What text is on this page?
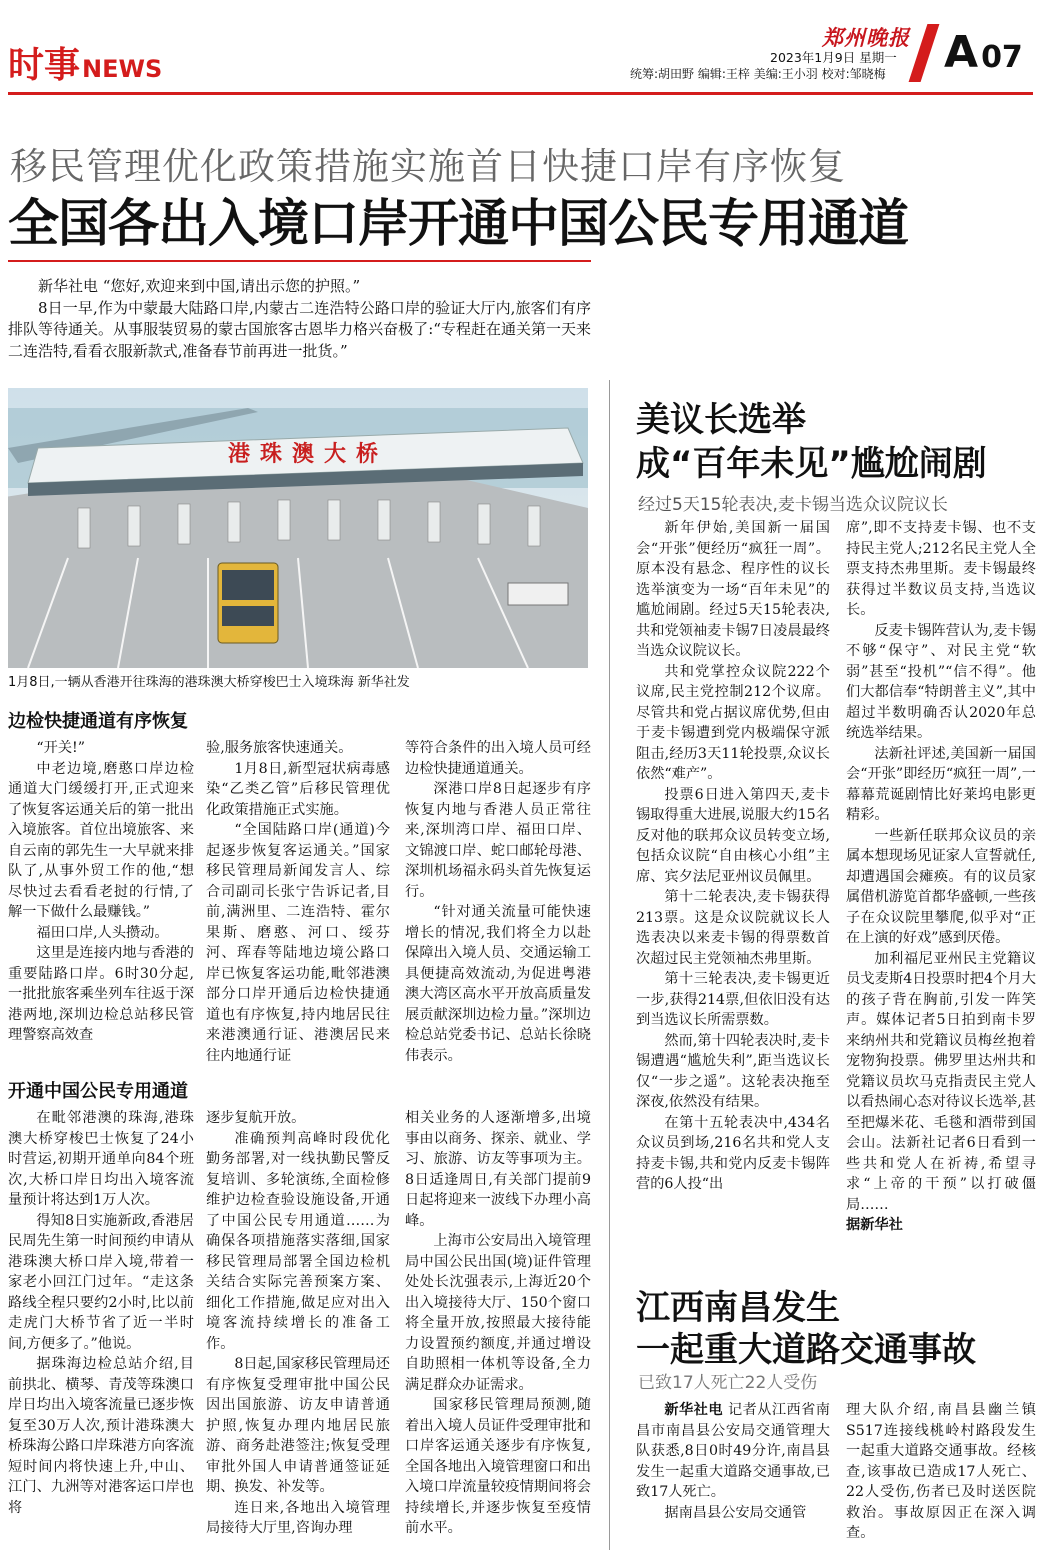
时事NEWS
郑州晚报
2023年1月9日 星期一
统筹:胡田野 编辑:王梓 美编:王小羽 校对:邹晓梅 A 07
移民管理优化政策措施实施首日快捷口岸有序恢复
全国各出入境口岸开通中国公民专用通道

新华社电 “您好,欢迎来到中国,请出示您的护照。”

8日一早,作为中蒙最大陆路口岸,内蒙古二连浩特公路口岸的验证大厅内,旅客们有序排队等待通关。从事服装贸易的蒙古国旅客古恩毕力格兴奋极了:“专程赶在通关第一天来二连浩特,看看衣服新款式,准备春节前再进一批货。”

港珠澳大桥
1月8日,一辆从香港开往珠海的港珠澳大桥穿梭巴士入境珠海 新华社发
边检快捷通道有序恢复

“开关!”

中老边境,磨憨口岸边检通道大门缓缓打开,正式迎来了恢复客运通关后的第一批出入境旅客。首位出境旅客、来自云南的郭先生一大早就来排队了,从事外贸工作的他,“想尽快过去看看老挝的行情,了解一下做什么最赚钱。”

福田口岸,人头攒动。

这里是连接内地与香港的重要陆路口岸。6时30分起,一批批旅客乘坐列车往返于深港两地,深圳边检总站移民管理警察高效查

验,服务旅客快速通关。

1月8日,新型冠状病毒感染“乙类乙管”后移民管理优化政策措施正式实施。

“全国陆路口岸(通道)今起逐步恢复客运通关。”国家移民管理局新闻发言人、综合司副司长张宁告诉记者,目前,满洲里、二连浩特、霍尔果斯、磨憨、河口、绥芬河、珲春等陆地边境公路口岸已恢复客运功能,毗邻港澳部分口岸开通后边检快捷通道也有序恢复,持内地居民往来港澳通行证、港澳居民来往内地通行证

等符合条件的出入境人员可经边检快捷通道通关。

深港口岸8日起逐步有序恢复内地与香港人员正常往来,深圳湾口岸、福田口岸、文锦渡口岸、蛇口邮轮母港、深圳机场福永码头首先恢复运行。

“针对通关流量可能快速增长的情况,我们将全力以赴保障出入境人员、交通运输工具便捷高效流动,为促进粤港澳大湾区高水平开放高质量发展贡献深圳边检力量。”深圳边检总站党委书记、总站长徐晓伟表示。

开通中国公民专用通道

在毗邻港澳的珠海,港珠澳大桥穿梭巴士恢复了24小时营运,初期开通单向84个班次,大桥口岸日均出入境客流量预计将达到1万人次。

得知8日实施新政,香港居民周先生第一时间预约申请从港珠澳大桥口岸入境,带着一家老小回江门过年。“走这条路线全程只要约2小时,比以前走虎门大桥节省了近一半时间,方便多了。”他说。

据珠海边检总站介绍,目前拱北、横琴、青茂等珠澳口岸日均出入境客流量已逐步恢复至30万人次,预计港珠澳大桥珠海公路口岸珠港方向客流短时间内将快速上升,中山、江门、九洲等对港客运口岸也将

逐步复航开放。

准确预判高峰时段优化勤务部署,对一线执勤民警反复培训、多轮演练,全面检修维护边检查验设施设备,开通了中国公民专用通道……为确保各项措施落实落细,国家移民管理局部署全国边检机关结合实际完善预案方案、细化工作措施,做足应对出入境客流持续增长的准备工作。

8日起,国家移民管理局还有序恢复受理审批中国公民因出国旅游、访友申请普通护照,恢复办理内地居民旅游、商务赴港签注;恢复受理审批外国人申请普通签证延期、换发、补发等。

连日来,各地出入境管理局接待大厅里,咨询办理

相关业务的人逐渐增多,出境事由以商务、探亲、就业、学习、旅游、访友等事项为主。8日适逢周日,有关部门提前9日起将迎来一波线下办理小高峰。

上海市公安局出入境管理局中国公民出国(境)证件管理处处长沈强表示,上海近20个出入境接待大厅、150个窗口将全量开放,按照最大接待能力设置预约额度,并通过增设自助照相一体机等设备,全力满足群众办证需求。

国家移民管理局预测,随着出入境人员证件受理审批和口岸客运通关逐步有序恢复,全国各地出入境管理窗口和出入境口岸流量较疫情期间将会持续增长,并逐步恢复至疫情前水平。

美议长选举
成“百年未见”尴尬闹剧
经过5天15轮表决,麦卡锡当选众议院议长

新年伊始,美国新一届国会“开张”便经历“疯狂一周”。原本没有悬念、程序性的议长选举演变为一场“百年未见”的尴尬闹剧。经过5天15轮表决,共和党领袖麦卡锡7日凌晨最终当选众议院议长。

共和党掌控众议院222个议席,民主党控制212个议席。尽管共和党占据议席优势,但由于麦卡锡遭到党内极端保守派阻击,经历3天11轮投票,众议长依然“难产”。

投票6日进入第四天,麦卡锡取得重大进展,说服大约15名反对他的联邦众议员转变立场,包括众议院“自由核心小组”主席、宾夕法尼亚州议员佩里。

第十二轮表决,麦卡锡获得213票。这是众议院就议长人选表决以来麦卡锡的得票数首次超过民主党领袖杰弗里斯。

第十三轮表决,麦卡锡更近一步,获得214票,但依旧没有达到当选议长所需票数。

然而,第十四轮表决时,麦卡锡遭遇“尴尬失利”,距当选议长仅“一步之遥”。这轮表决拖至深夜,依然没有结果。

在第十五轮表决中,434名众议员到场,216名共和党人支持麦卡锡,共和党内反麦卡锡阵营的6人投“出

席”,即不支持麦卡锡、也不支持民主党人;212名民主党人全票支持杰弗里斯。麦卡锡最终获得过半数议员支持,当选议长。

反麦卡锡阵营认为,麦卡锡不够“保守”、对民主党“软弱”甚至“投机”“信不得”。他们大都信奉“特朗普主义”,其中超过半数明确否认2020年总统选举结果。

法新社评述,美国新一届国会“开张”即经历“疯狂一周”,一幕幕荒诞剧情比好莱坞电影更精彩。

一些新任联邦众议员的亲属本想现场见证家人宣誓就任,却遭遇国会瘫痪。有的议员家属借机游览首都华盛顿,一些孩子在众议院里攀爬,似乎对“正在上演的好戏”感到厌倦。

加利福尼亚州民主党籍议员戈麦斯4日投票时把4个月大的孩子背在胸前,引发一阵笑声。媒体记者5日拍到南卡罗来纳州共和党籍议员梅丝抱着宠物狗投票。佛罗里达州共和党籍议员坎马克指责民主党人以看热闹心态对待议长选举,甚至把爆米花、毛毯和酒带到国会山。法新社记者6日看到一些共和党人在祈祷,希望寻求“上帝的干预”以打破僵局……

据新华社

江西南昌发生
一起重大道路交通事故
已致17人死亡22人受伤

新华社电 记者从江西省南昌市南昌县公安局交通管理大队获悉,8日0时49分许,南昌县发生一起重大道路交通事故,已致17人死亡。

据南昌县公安局交通管

理大队介绍,南昌县幽兰镇S517连接线桃岭村路段发生一起重大道路交通事故。经核查,该事故已造成17人死亡、22人受伤,伤者已及时送医院救治。事故原因正在深入调查。
